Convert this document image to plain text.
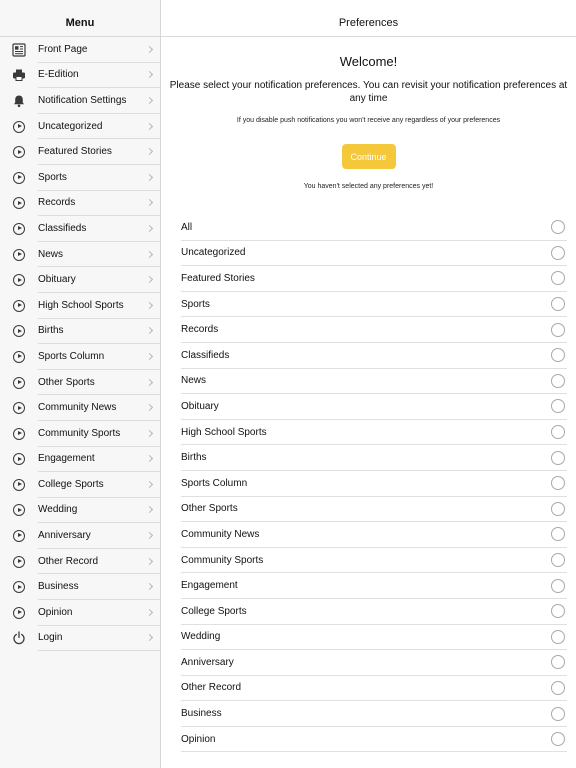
Menu
Front Page
E-Edition
Notification Settings
Uncategorized
Featured Stories
Sports
Records
Classifieds
News
Obituary
High School Sports
Births
Sports Column
Other Sports
Community News
Community Sports
Engagement
College Sports
Wedding
Anniversary
Other Record
Business
Opinion
Login
Preferences
Welcome!

Please select your notification preferences. You can revisit your notification preferences at any time

If you disable push notifications you won't receive any regardless of your preferences

Continue

You haven't selected any preferences yet!

All
Uncategorized
Featured Stories
Sports
Records
Classifieds
News
Obituary
High School Sports
Births
Sports Column
Other Sports
Community News
Community Sports
Engagement
College Sports
Wedding
Anniversary
Other Record
Business
Opinion
